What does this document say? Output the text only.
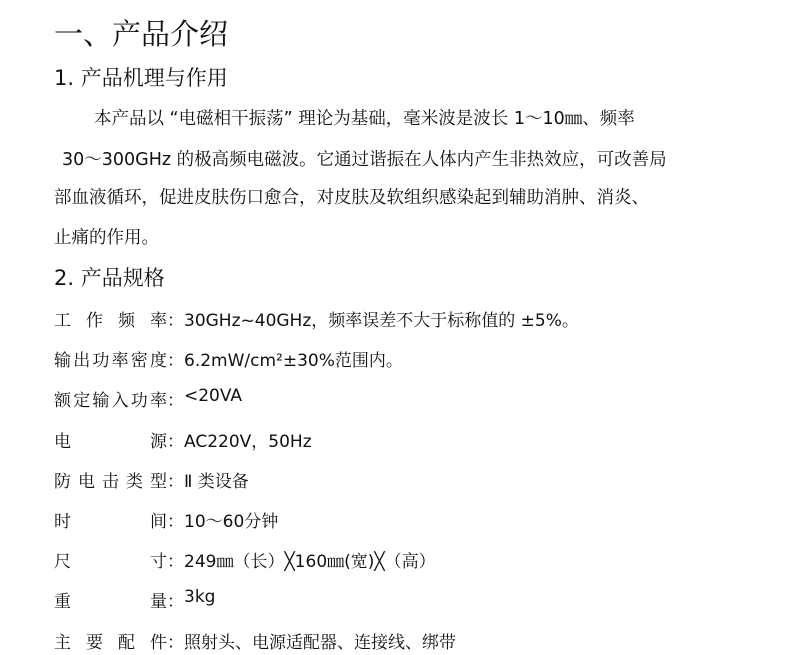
一、产品介绍
1. 产品机理与作用
本产品以 “电磁相干振荡” 理论为基础，毫米波是波长 1～10㎜、频率
30～300GHz 的极高频电磁波。它通过谐振在人体内产生非热效应，可改善局
部血液循环，促进皮肤伤口愈合，对皮肤及软组织感染起到辅助消肿、消炎、
止痛的作用。
2. 产品规格
工作频率 ： 30GHz~40GHz，频率误差不大于标称值的 ±5%。
输出功率密度 ： 6.2mW/cm²±30%范围内。
额定输入功率 ： <20VA
电源 ： AC220V，50Hz
防电击类型 ： Ⅱ 类设备
时间 ： 10～60分钟
尺寸 ： 249㎜（长）╳160㎜(宽)╳（高）
重量 ： 3kg
主要配件 ： 照射头、电源适配器、连接线、绑带
